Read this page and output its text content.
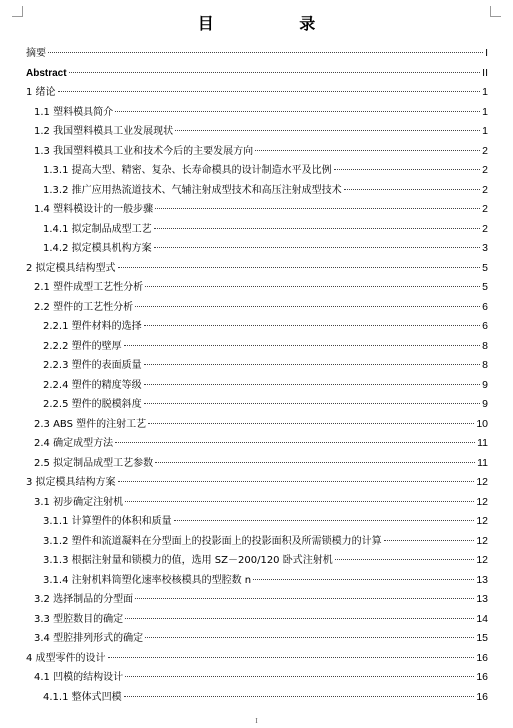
目 录
摘要	I
Abstract	II
1 绪论	1
1.1 塑料模具简介	1
1.2 我国塑料模具工业发展现状	1
1.3 我国塑料模具工业和技术今后的主要发展方向	2
1.3.1 提高大型、精密、复杂、长寿命模具的设计制造水平及比例	2
1.3.2 推广应用热流道技术、气辅注射成型技术和高压注射成型技术	2
1.4 塑料模设计的一般步骤	2
1.4.1 拟定制品成型工艺	2
1.4.2 拟定模具机构方案	3
2 拟定模具结构型式	5
2.1 塑件成型工艺性分析	5
2.2 塑件的工艺性分析	6
2.2.1 塑件材料的选择	6
2.2.2 塑件的壁厚	8
2.2.3 塑件的表面质量	8
2.2.4 塑件的精度等级	9
2.2.5 塑件的脱模斜度	9
2.3 ABS 塑件的注射工艺	10
2.4 确定成型方法	11
2.5 拟定制品成型工艺参数	11
3 拟定模具结构方案	12
3.1 初步确定注射机	12
3.1.1 计算塑件的体积和质量	12
3.1.2 塑件和流道凝料在分型面上的投影面上的投影面积及所需锁模力的计算	12
3.1.3 根据注射量和锁模力的值，选用 SZ－200/120 卧式注射机	12
3.1.4 注射机料筒塑化速率校核模具的型腔数 n	13
3.2 选择制品的分型面	13
3.3 型腔数目的确定	14
3.4 型腔排列形式的确定	15
4 成型零件的设计	16
4.1 凹模的结构设计	16
4.1.1 整体式凹模	16
I
